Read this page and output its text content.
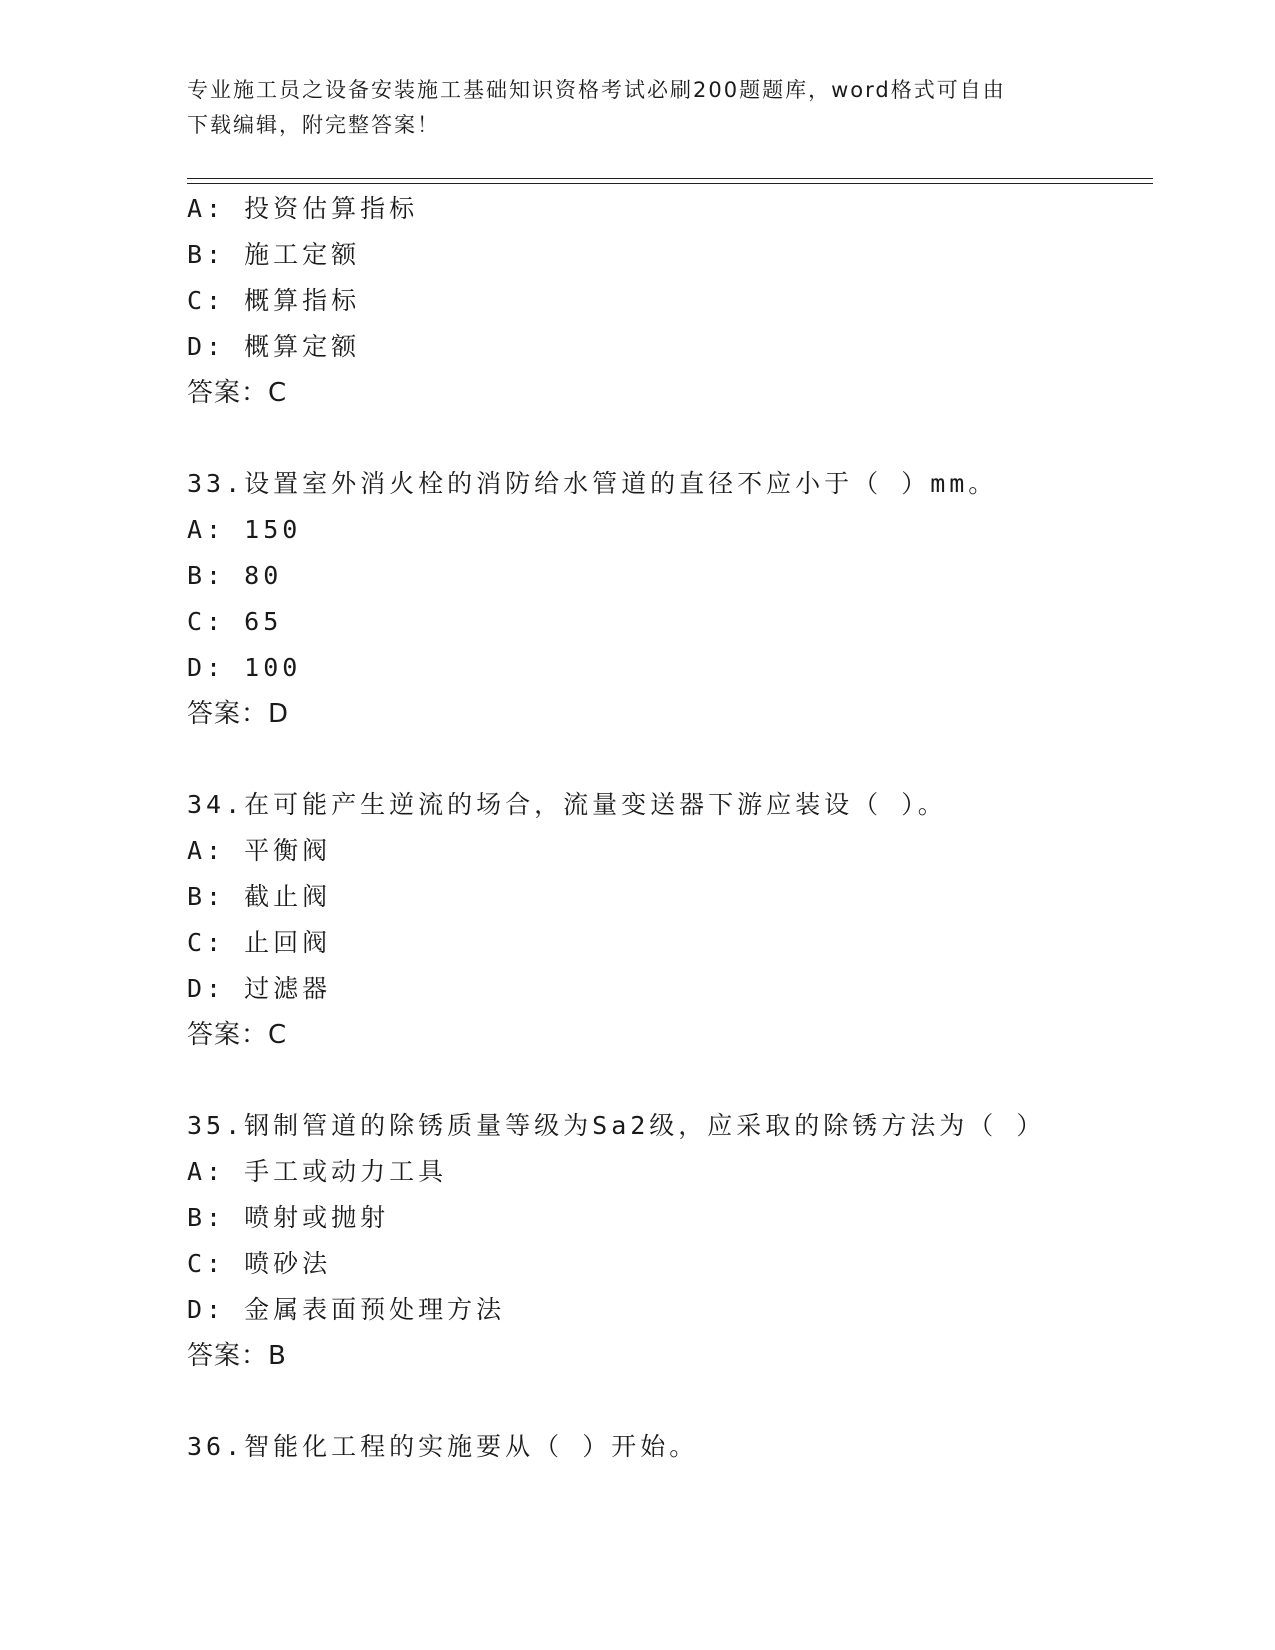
专业施工员之设备安装施工基础知识资格考试必刷200题题库，word格式可自由
下载编辑，附完整答案！
A: 投资估算指标
B: 施工定额
C: 概算指标
D: 概算定额
答案：C
33.设置室外消火栓的消防给水管道的直径不应小于（ ）mm。
A: 150
B: 80
C: 65
D: 100
答案：D
34.在可能产生逆流的场合，流量变送器下游应装设（ ）。
A: 平衡阀
B: 截止阀
C: 止回阀
D: 过滤器
答案：C
35.钢制管道的除锈质量等级为Sa2级，应采取的除锈方法为（ ）
A: 手工或动力工具
B: 喷射或抛射
C: 喷砂法
D: 金属表面预处理方法
答案：B
36.智能化工程的实施要从（ ）开始。
